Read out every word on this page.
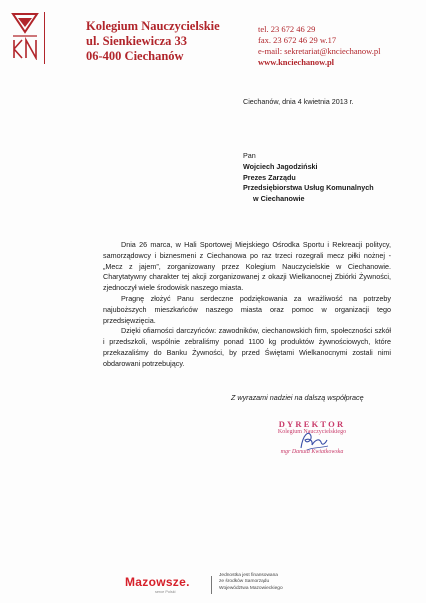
Kolegium Nauczycielskie
ul. Sienkiewicza 33
06-400 Ciechanów
tel. 23 672 46 29
fax. 23 672 46 29 w.17
e-mail: sekretariat@knciechanow.pl
www.knciechanow.pl
Ciechanów, dnia 4 kwietnia 2013 r.
Pan
Wojciech Jagodziński
Prezes Zarządu
Przedsiębiorstwa Usług Komunalnych
w Ciechanowie

Dnia 26 marca, w Hali Sportowej Miejskiego Ośrodka Sportu i Rekreacji politycy, samorządowcy i biznesmeni z Ciechanowa po raz trzeci rozegrali mecz piłki nożnej - „Mecz z jajem”, zorganizowany przez Kolegium Nauczycielskie w Ciechanowie. Charytatywny charakter tej akcji zorganizowanej z okazji Wielkanocnej Zbiórki Żywności, zjednoczył wiele środowisk naszego miasta.

Pragnę złożyć Panu serdeczne podziękowania za wrażliwość na potrzeby najuboższych mieszkańców naszego miasta oraz pomoc w organizacji tego przedsięwzięcia.

Dzięki ofiarności darczyńców: zawodników, ciechanowskich firm, społeczności szkół i przedszkoli, wspólnie zebraliśmy ponad 1100 kg produktów żywnościowych, które przekazaliśmy do Banku Żywności, by przed Świętami Wielkanocnymi zostali nimi obdarowani potrzebujący.

Z wyrazami nadziei na dalszą współpracę
DYREKTOR
Kolegium Nauczycielskiego
mgr Danuta Kwiatkowska
Mazowsze.
serce Polski
Jednostka jest finansowana
ze środków Samorządu
Województwa Mazowieckiego
